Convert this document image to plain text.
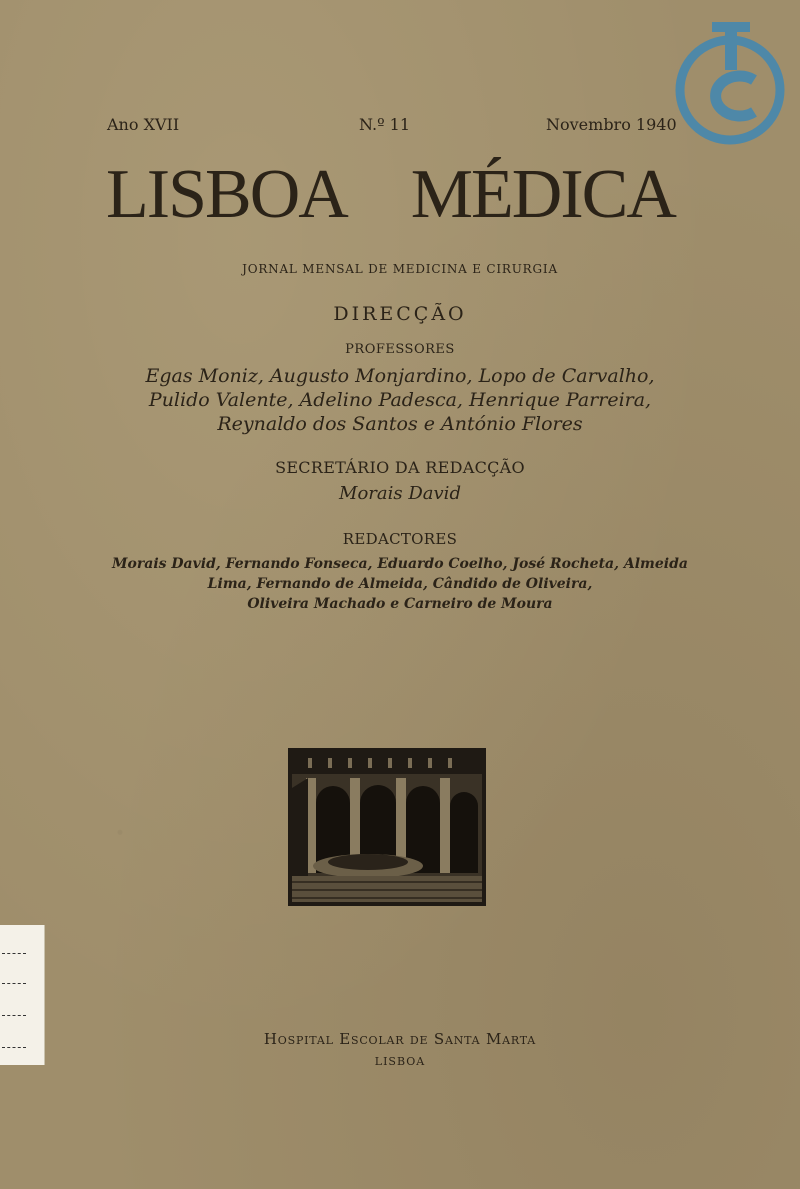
Ano XVII	N.º 11	Novembro 1940
LISBOA MÉDICA
JORNAL MENSAL DE MEDICINA E CIRURGIA
DIRECÇÃO
PROFESSORES
Egas Moniz, Augusto Monjardino, Lopo de Carvalho,
Pulido Valente, Adelino Padesca, Henrique Parreira,
Reynaldo dos Santos e António Flores
SECRETÁRIO DA REDACÇÃO
Morais David
REDACTORES
Morais David, Fernando Fonseca, Eduardo Coelho, José Rocheta, Almeida
Lima, Fernando de Almeida, Cândido de Oliveira,
Oliveira Machado e Carneiro de Moura
Hospital Escolar de Santa Marta
LISBOA
